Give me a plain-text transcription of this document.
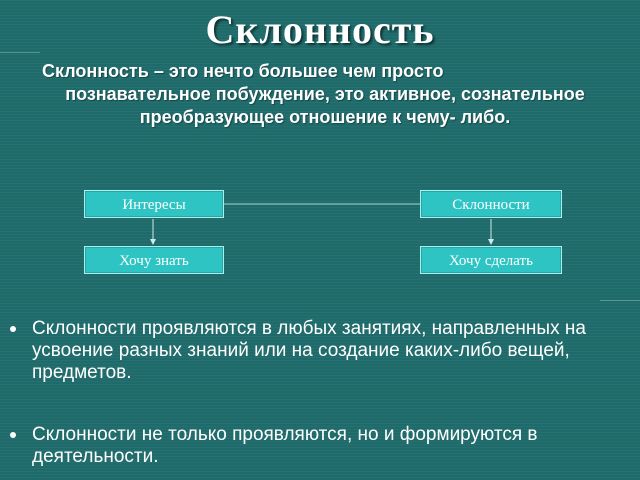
Склонность
Склонность – это нечто большее чем просто
познавательное побуждение, это активное, сознательное преобразующее отношение к чему- либо.
Интересы	Склонности
Хочу знать	Хочу сделать
Склонности проявляются в любых занятиях, направленных на усвоение разных знаний или на создание каких-либо вещей, предметов.
Склонности не только проявляются, но и формируются в деятельности.
